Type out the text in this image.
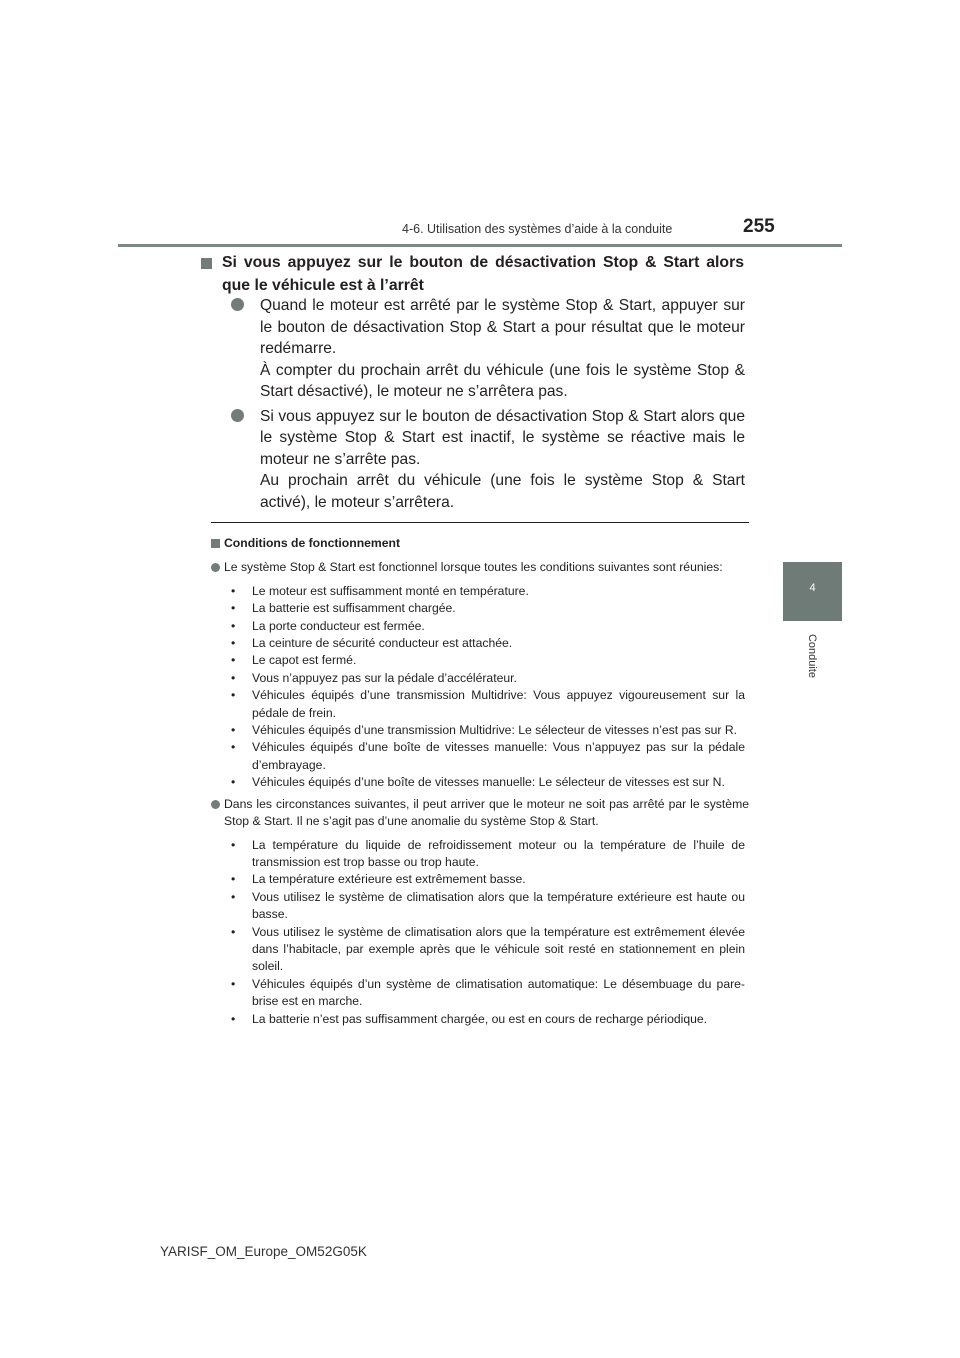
4-6. Utilisation des systèmes d’aide à la conduite	255
4
Conduite
Si vous appuyez sur le bouton de désactivation Stop & Start alors que le véhicule est à l’arrêt

Quand le moteur est arrêté par le système Stop & Start, appuyer sur le bouton de désactivation Stop & Start a pour résultat que le moteur redémarre.

À compter du prochain arrêt du véhicule (une fois le système Stop & Start désactivé), le moteur ne s’arrêtera pas.

Si vous appuyez sur le bouton de désactivation Stop & Start alors que le système Stop & Start est inactif, le système se réactive mais le moteur ne s’arrête pas.

Au prochain arrêt du véhicule (une fois le système Stop & Start activé), le moteur s’arrêtera.

Conditions de fonctionnement
Le système Stop & Start est fonctionnel lorsque toutes les conditions suivantes sont réunies:
• Le moteur est suffisamment monté en température.
• La batterie est suffisamment chargée.
• La porte conducteur est fermée.
• La ceinture de sécurité conducteur est attachée.
• Le capot est fermé.
• Vous n’appuyez pas sur la pédale d’accélérateur.
• Véhicules équipés d’une transmission Multidrive: Vous appuyez vigoureusement sur la pédale de frein.
• Véhicules équipés d’une transmission Multidrive: Le sélecteur de vitesses n’est pas sur R.
• Véhicules équipés d’une boîte de vitesses manuelle: Vous n’appuyez pas sur la pédale d’embrayage.
• Véhicules équipés d’une boîte de vitesses manuelle: Le sélecteur de vitesses est sur N.
Dans les circonstances suivantes, il peut arriver que le moteur ne soit pas arrêté par le système Stop & Start. Il ne s’agit pas d’une anomalie du système Stop & Start.
• La température du liquide de refroidissement moteur ou la température de l’huile de transmission est trop basse ou trop haute.
• La température extérieure est extrêmement basse.
• Vous utilisez le système de climatisation alors que la température extérieure est haute ou basse.
• Vous utilisez le système de climatisation alors que la température est extrêmement élevée dans l’habitacle, par exemple après que le véhicule soit resté en stationnement en plein soleil.
• Véhicules équipés d’un système de climatisation automatique: Le désembuage du pare-brise est en marche.
• La batterie n’est pas suffisamment chargée, ou est en cours de recharge périodique.
YARISF_OM_Europe_OM52G05K
